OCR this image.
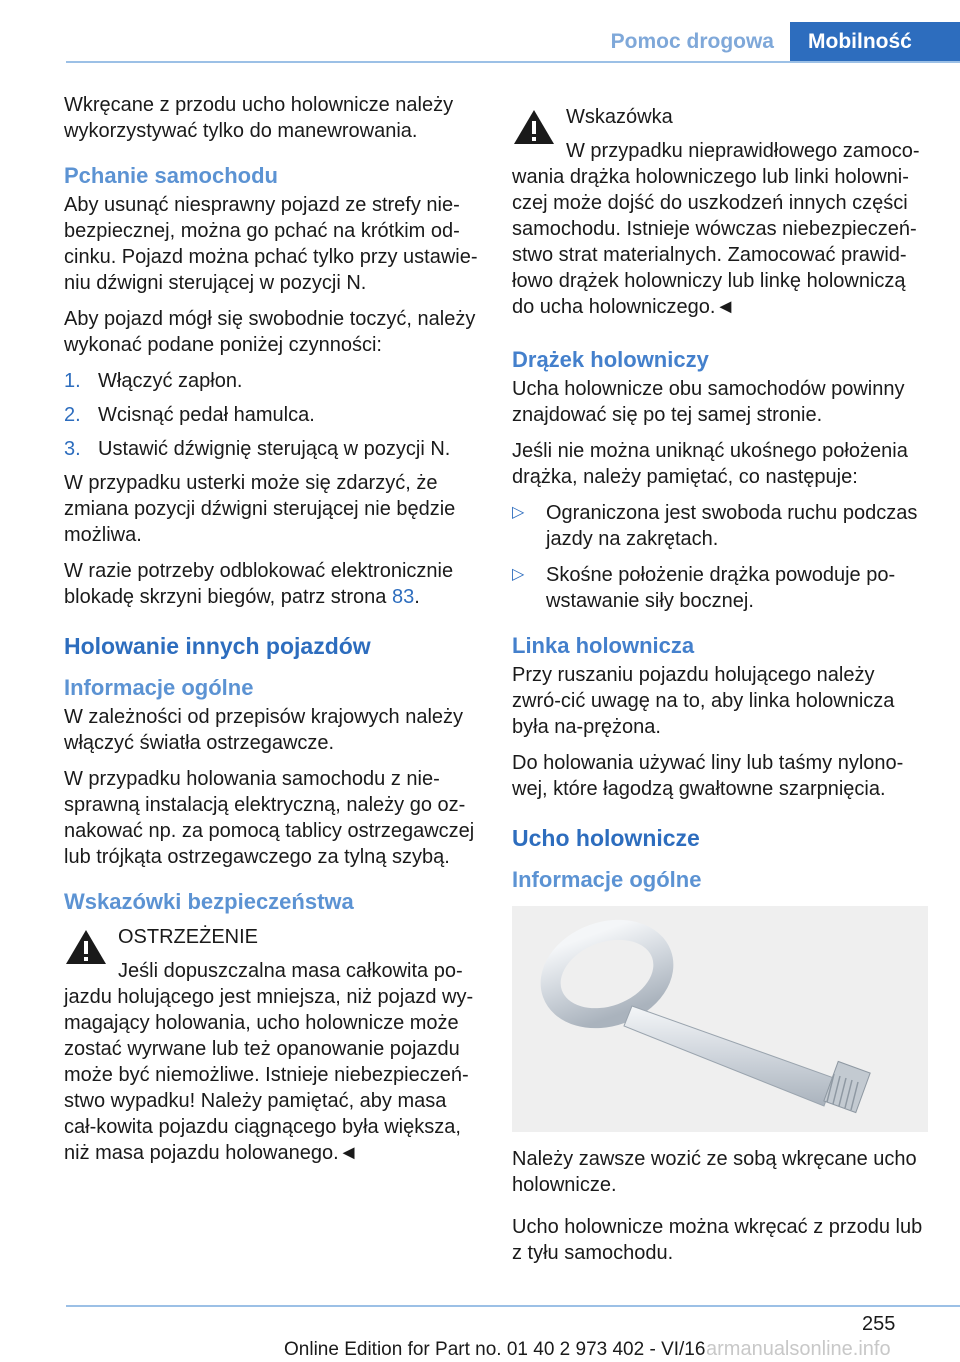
Pomoc drogowa	Mobilność

Wkręcane z przodu ucho holownicze należy wykorzystywać tylko do manewrowania.

Pchanie samochodu

Aby usunąć niesprawny pojazd ze strefy nie-bezpiecznej, można go pchać na krótkim od-cinku. Pojazd można pchać tylko przy ustawie-niu dźwigni sterującej w pozycji N.

Aby pojazd mógł się swobodnie toczyć, należy wykonać podane poniżej czynności:

1. Włączyć zapłon.
2. Wcisnąć pedał hamulca.
3. Ustawić dźwignię sterującą w pozycji N.

W przypadku usterki może się zdarzyć, że zmiana pozycji dźwigni sterującej nie będzie możliwa.

W razie potrzeby odblokować elektronicznie blokadę skrzyni biegów, patrz strona 83.

Holowanie innych pojazdów
Informacje ogólne

W zależności od przepisów krajowych należy włączyć światła ostrzegawcze.

W przypadku holowania samochodu z nie-sprawną instalacją elektryczną, należy go oz-nakować np. za pomocą tablicy ostrzegawczej lub trójkąta ostrzegawczego za tylną szybą.

Wskazówki bezpieczeństwa
OSTRZEŻENIE
Jeśli dopuszczalna masa całkowita po-jazdu holującego jest mniejsza, niż pojazd wy-magający holowania, ucho holownicze może zostać wyrwane lub też opanowanie pojazdu może być niemożliwe. Istnieje niebezpieczeń-stwo wypadku! Należy pamiętać, aby masa cał-kowita pojazdu ciągnącego była większa, niż masa pojazdu holowanego.◄
Wskazówka
W przypadku nieprawidłowego zamoco-wania drążka holowniczego lub linki holowni-czej może dojść do uszkodzeń innych części samochodu. Istnieje wówczas niebezpieczeń-stwo strat materialnych. Zamocować prawid-łowo drążek holowniczy lub linkę holowniczą do ucha holowniczego.◄
Drążek holowniczy

Ucha holownicze obu samochodów powinny znajdować się po tej samej stronie.

Jeśli nie można uniknąć ukośnego położenia drążka, należy pamiętać, co następuje:

▷	Ograniczona jest swoboda ruchu podczas jazdy na zakrętach.
▷	Skośne położenie drążka powoduje po-wstawanie siły bocznej.
Linka holownicza

Przy ruszaniu pojazdu holującego należy zwró-cić uwagę na to, aby linka holownicza była na-prężona.

Do holowania używać liny lub taśmy nylono-wej, które łagodzą gwałtowne szarpnięcia.

Ucho holownicze
Informacje ogólne

Należy zawsze wozić ze sobą wkręcane ucho holownicze.

Ucho holownicze można wkręcać z przodu lub z tyłu samochodu.

255
Online Edition for Part no. 01 40 2 973 402 - VI/16 armanualsonline.info
